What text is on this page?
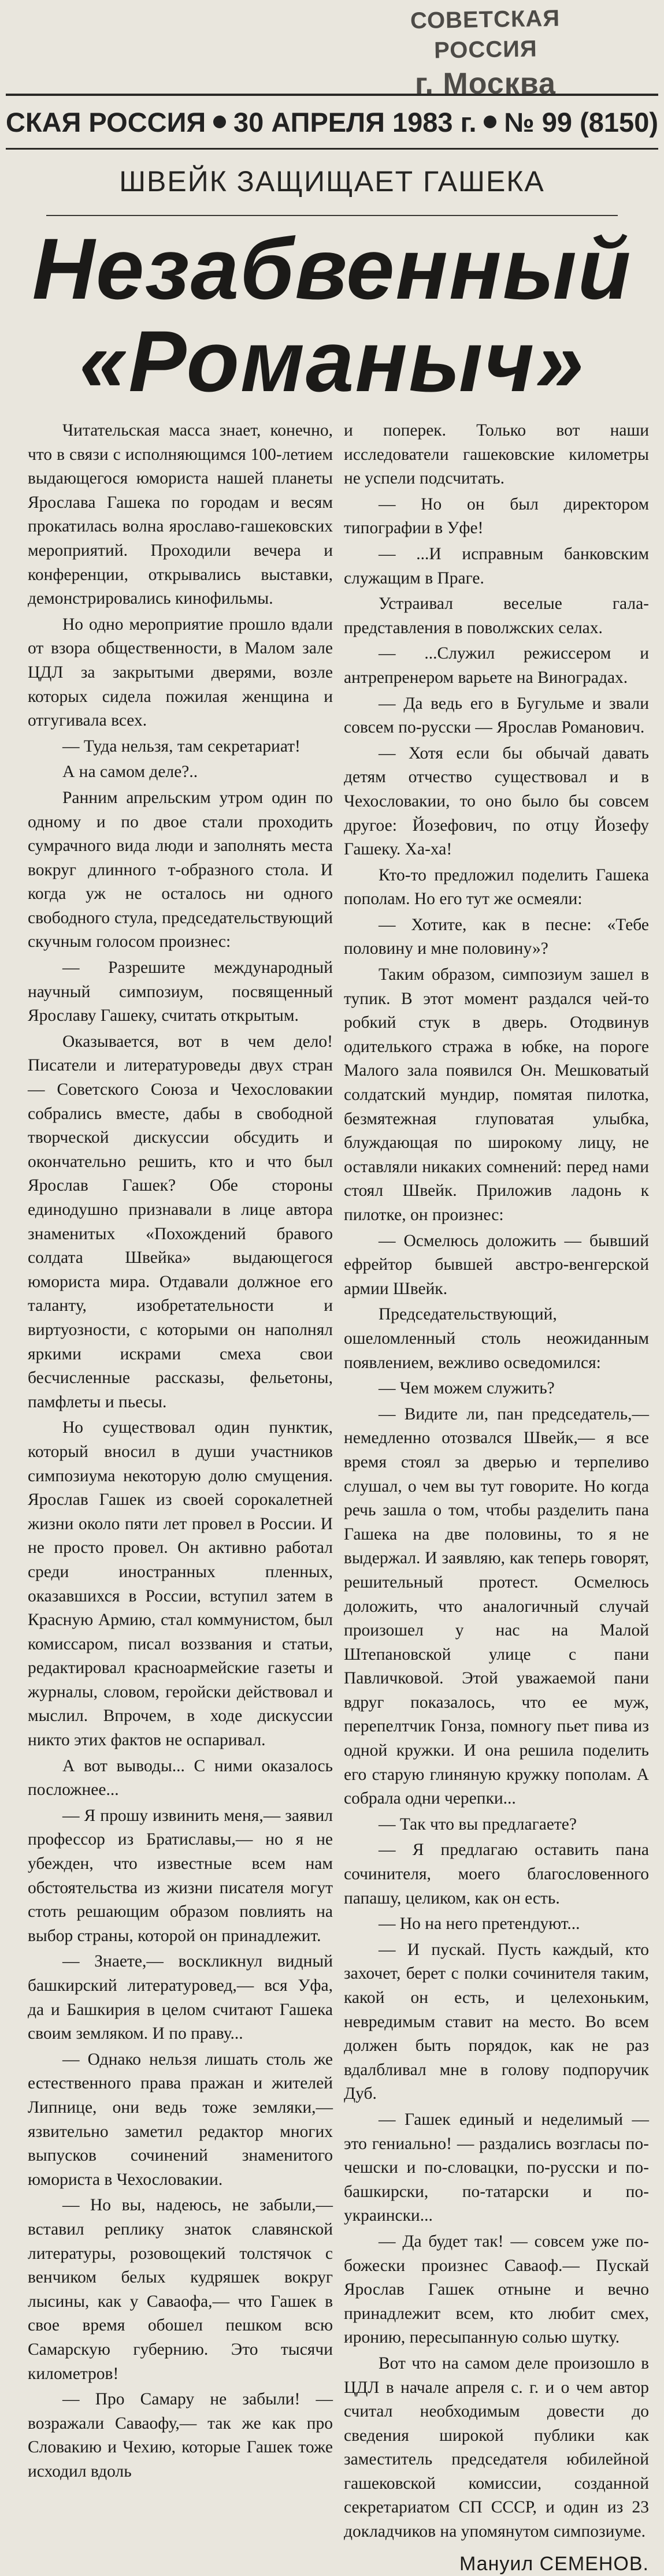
СОВЕТСКАЯ РОССИЯ
г. Москва
СКАЯ РОССИЯ 30 АПРЕЛЯ 1983 г. № 99 (8150)
ШВЕЙК ЗАЩИЩАЕТ ГАШЕКА
Незабвенный
«Романыч»

Читательская масса знает, конечно, что в связи с исполняющимся 100-летием выдающегося юмориста нашей планеты Ярослава Гашека по городам и весям прокатилась волна ярославо-гашековских мероприятий. Проходили вечера и конференции, открывались выставки, демонстрировались кинофильмы.

Но одно мероприятие прошло вдали от взора общественности, в Малом зале ЦДЛ за закрытыми дверями, возле которых сидела пожилая женщина и отгугивала всех.

— Туда нельзя, там секретариат!

А на самом деле?..

Ранним апрельским утром один по одному и по двое стали проходить сумрачного вида люди и заполнять места вокруг длинного т-образного стола. И когда уж не осталось ни одного свободного стула, председательствующий скучным голосом произнес:

— Разрешите международный научный симпозиум, посвященный Ярославу Гашеку, считать открытым.

Оказывается, вот в чем дело! Писатели и литературоведы двух стран — Советского Союза и Чехословакии собрались вместе, дабы в свободной творческой дискуссии обсудить и окончательно решить, кто и что был Ярослав Гашек? Обе стороны единодушно признавали в лице автора знаменитых «Похождений бравого солдата Швейка» выдающегося юмориста мира. Отдавали должное его таланту, изобретательности и виртуозности, с которыми он наполнял яркими искрами смеха свои бесчисленные рассказы, фельетоны, памфлеты и пьесы.

Но существовал один пунктик, который вносил в души участников симпозиума некоторую долю смущения. Ярослав Гашек из своей сорокалетней жизни около пяти лет провел в России. И не просто провел. Он активно работал среди иностранных пленных, оказавшихся в России, вступил затем в Красную Армию, стал коммунистом, был комиссаром, писал воззвания и статьи, редактировал красноармейские газеты и журналы, словом, геройски действовал и мыслил. Впрочем, в ходе дискуссии никто этих фактов не оспаривал.

А вот выводы... С ними оказалось посложнее...

— Я прошу извинить меня,— заявил профессор из Братиславы,— но я не убежден, что известные всем нам обстоятельства из жизни писателя могут стоть решающим образом повлиять на выбор страны, которой он принадлежит.

— Знаете,— воскликнул видный башкирский литературовед,— вся Уфа, да и Башкирия в целом считают Гашека своим земляком. И по праву...

— Однако нельзя лишать столь же естественного права пражан и жителей Липнице, они ведь тоже земляки,— язвительно заметил редактор многих выпусков сочинений знаменитого юмориста в Чехословакии.

— Но вы, надеюсь, не забыли,— вставил реплику знаток славянской литературы, розовощекий толстячок с венчиком белых кудряшек вокруг лысины, как у Саваофа,— что Гашек в свое время обошел пешком всю Самарскую губернию. Это тысячи километров!

— Про Самару не забыли! — возражали Саваофу,— так же как про Словакию и Чехию, которые Гашек тоже исходил вдоль

и поперек. Только вот наши исследователи гашековские километры не успели подсчитать.

— Но он был директором типографии в Уфе!

— ...И исправным банковским служащим в Праге.

Устраивал веселые гала-представления в поволжских селах.

— ...Служил режиссером и антрепренером варьете на Виноградах.

— Да ведь его в Бугульме и звали совсем по-русски — Ярослав Романович.

— Хотя если бы обычай давать детям отчество существовал и в Чехословакии, то оно было бы совсем другое: Йозефович, по отцу Йозефу Гашеку. Ха-ха!

Кто-то предложил поделить Гашека пополам. Но его тут же осмеяли:

— Хотите, как в песне: «Тебе половину и мне половину»?

Таким образом, симпозиум зашел в тупик. В этот момент раздался чей-то робкий стук в дверь. Отодвинув одителького стража в юбке, на пороге Малого зала появился Он. Мешковатый солдатский мундир, помятая пилотка, безмятежная глуповатая улыбка, блуждающая по широкому лицу, не оставляли никаких сомнений: перед нами стоял Швейк. Приложив ладонь к пилотке, он произнес:

— Осмелюсь доложить — бывший ефрейтор бывшей австро-венгерской армии Швейк.

Председательствующий, ошеломленный столь неожиданным появлением, вежливо осведомился:

— Чем можем служить?

— Видите ли, пан председатель,— немедленно отозвался Швейк,— я все время стоял за дверью и терпеливо слушал, о чем вы тут говорите. Но когда речь зашла о том, чтобы разделить пана Гашека на две половины, то я не выдержал. И заявляю, как теперь говорят, решительный протест. Осмелюсь доложить, что аналогичный случай произошел у нас на Малой Штепановской улице с пани Павличковой. Этой уважаемой пани вдруг показалось, что ее муж, перепелтчик Гонза, помногу пьет пива из одной кружки. И она решила поделить его старую глиняную кружку пополам. А собрала одни черепки...

— Так что вы предлагаете?

— Я предлагаю оставить пана сочинителя, моего благословенного папашу, целиком, как он есть.

— Но на него претендуют...

— И пускай. Пусть каждый, кто захочет, берет с полки сочинителя таким, какой он есть, и целехоньким, невредимым ставит на место. Во всем должен быть порядок, как не раз вдалбливал мне в голову подпоручик Дуб.

— Гашек единый и неделимый — это гениально! — раздались возгласы по-чешски и по-словацки, по-русски и по-башкирски, по-татарски и по-украински...

— Да будет так! — совсем уже по-божески произнес Саваоф.— Пускай Ярослав Гашек отныне и вечно принадлежит всем, кто любит смех, иронию, пересыпанную солью шутку.

Вот что на самом деле произошло в ЦДЛ в начале апреля с. г. и о чем автор считал необходимым довести до сведения широкой публики как заместитель председателя юбилейной гашековской комиссии, созданной секретариатом СП СССР, и один из 23 докладчиков на упомянутом симпозиуме.

Мануил СЕМЕНОВ.
